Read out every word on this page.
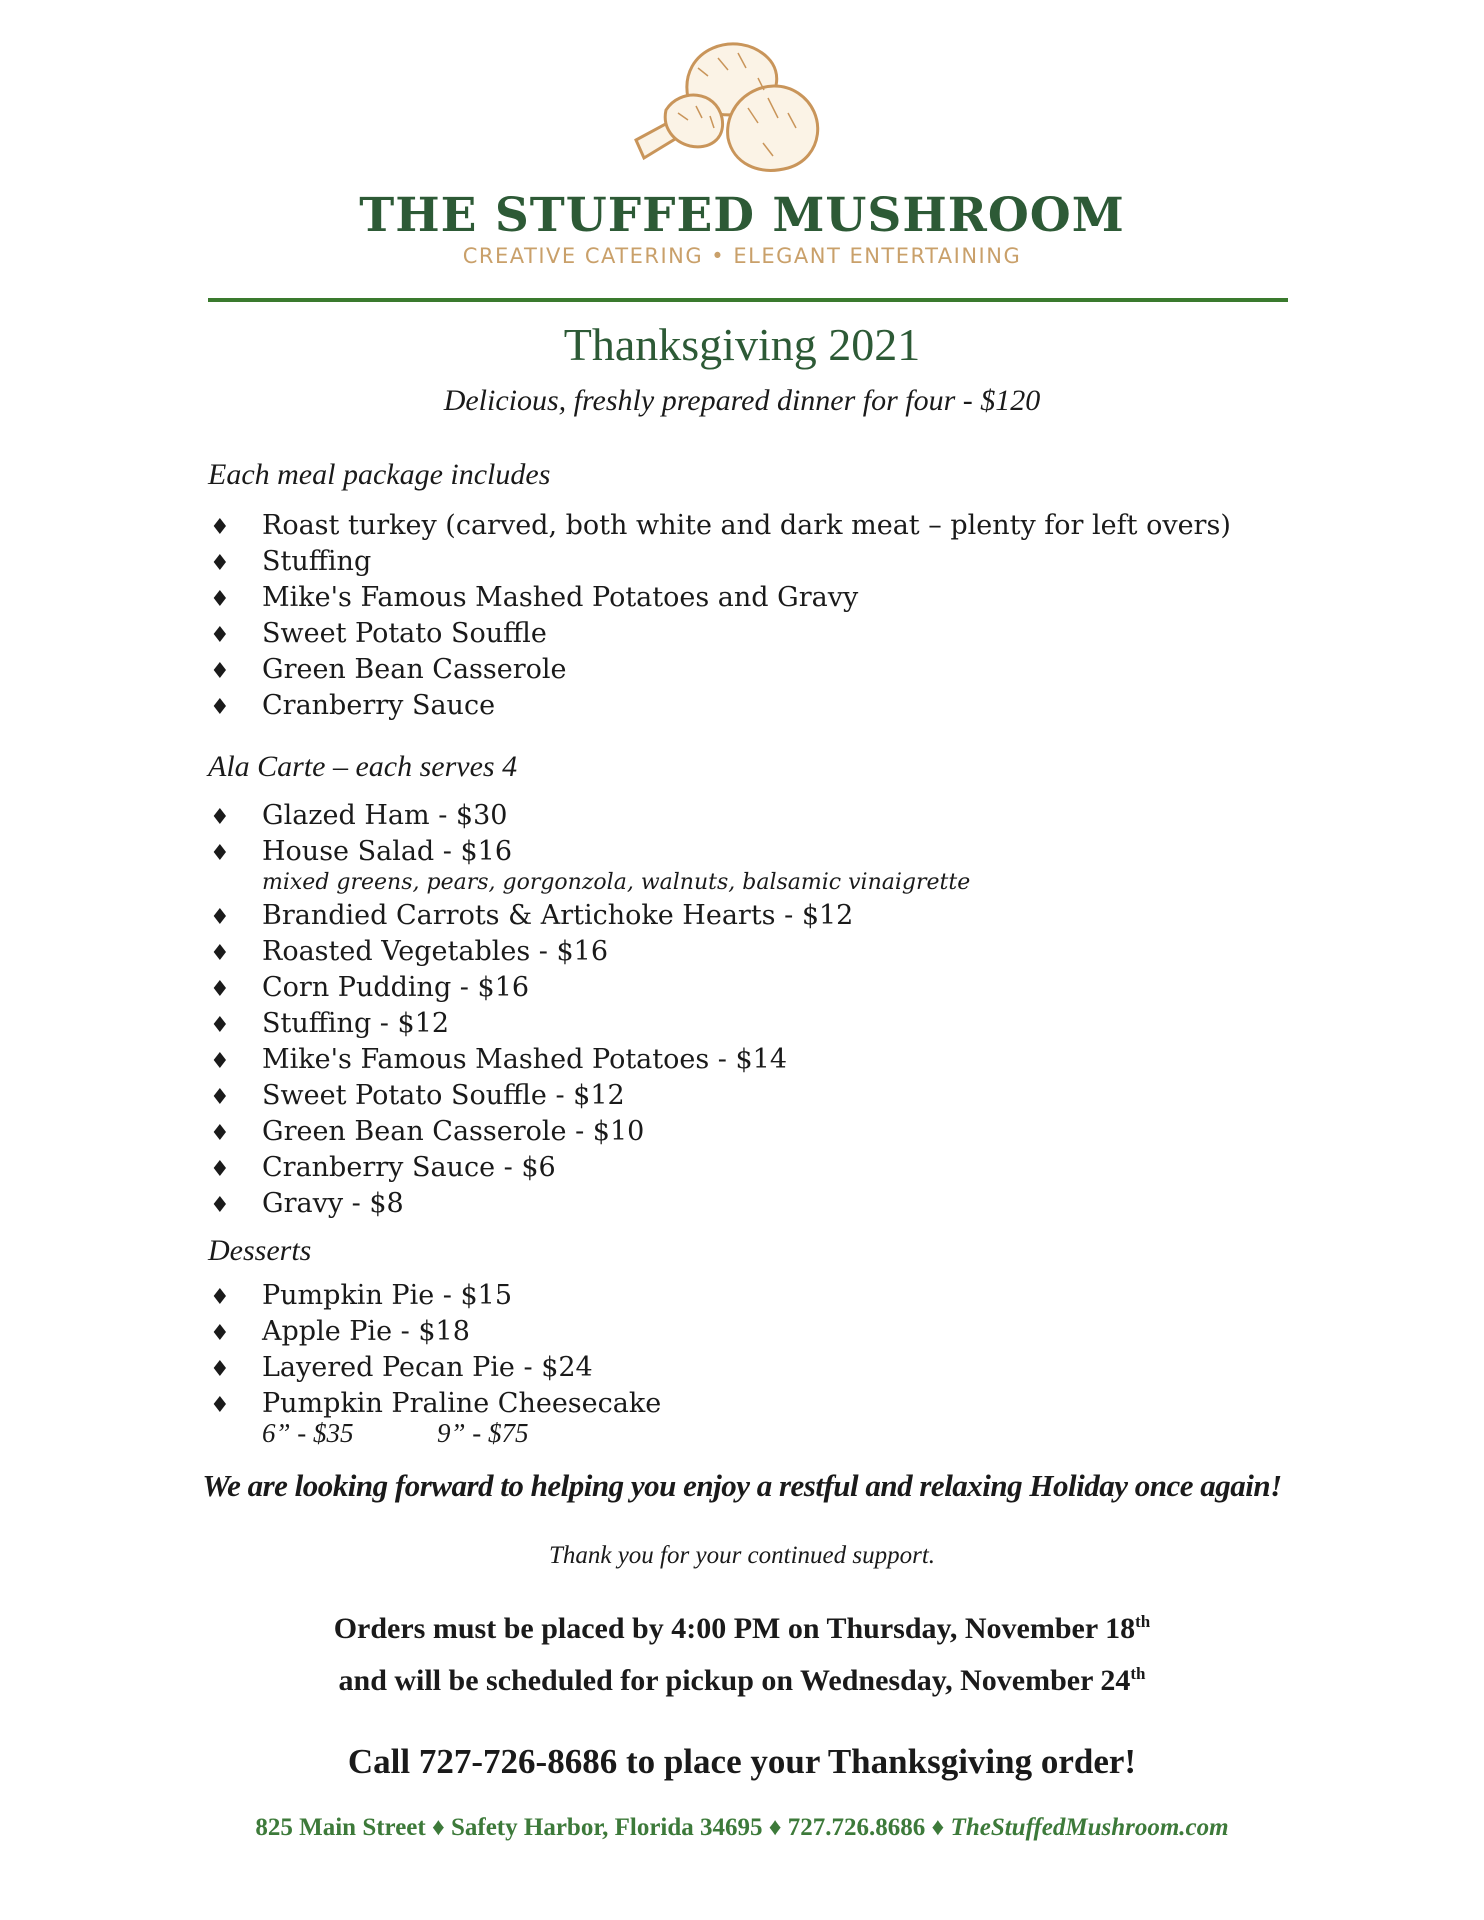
THE STUFFED MUSHROOM
CREATIVE CATERING • ELEGANT ENTERTAINING
Thanksgiving 2021
Delicious, freshly prepared dinner for four - $120
Each meal package includes
♦ Roast turkey (carved, both white and dark meat – plenty for left overs)
♦ Stuffing
♦ Mike's Famous Mashed Potatoes and Gravy
♦ Sweet Potato Souffle
♦ Green Bean Casserole
♦ Cranberry Sauce
Ala Carte – each serves 4
♦ Glazed Ham - $30
♦ House Salad - $16
mixed greens, pears, gorgonzola, walnuts, balsamic vinaigrette
♦ Brandied Carrots & Artichoke Hearts - $12
♦ Roasted Vegetables - $16
♦ Corn Pudding - $16
♦ Stuffing - $12
♦ Mike's Famous Mashed Potatoes - $14
♦ Sweet Potato Souffle - $12
♦ Green Bean Casserole - $10
♦ Cranberry Sauce - $6
♦ Gravy - $8
Desserts
♦ Pumpkin Pie - $15
♦ Apple Pie - $18
♦ Layered Pecan Pie - $24
♦ Pumpkin Praline Cheesecake
6” - $35	9” - $75
We are looking forward to helping you enjoy a restful and relaxing Holiday once again!
Thank you for your continued support.
Orders must be placed by 4:00 PM on Thursday, November 18th
and will be scheduled for pickup on Wednesday, November 24th
Call 727-726-8686 to place your Thanksgiving order!
825 Main Street ♦ Safety Harbor, Florida 34695 ♦ 727.726.8686 ♦ TheStuffedMushroom.com
